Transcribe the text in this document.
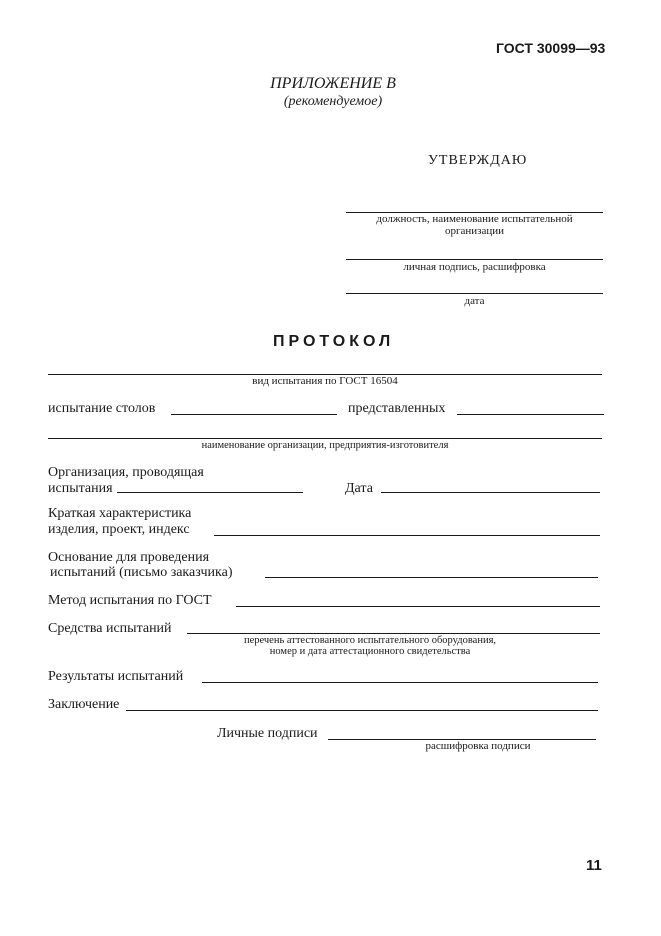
ГОСТ 30099—93
ПРИЛОЖЕНИЕ В
(рекомендуемое)
УТВЕРЖДАЮ
должность, наименование испытательной
организации
личная подпись, расшифровка
дата
ПРОТОКОЛ
вид испытания по ГОСТ 16504
испытание столов	представленных
наименование организации, предприятия-изготовителя
Организация, проводящая
испытания	Дата
Краткая характеристика
изделия, проект, индекс
Основание для проведения
испытаний (письмо заказчика)
Метод испытания по ГОСТ
Средства испытаний
перечень аттестованного испытательного оборудования,
номер и дата аттестационного свидетельства
Результаты испытаний
Заключение
Личные подписи
расшифровка подписи
11
